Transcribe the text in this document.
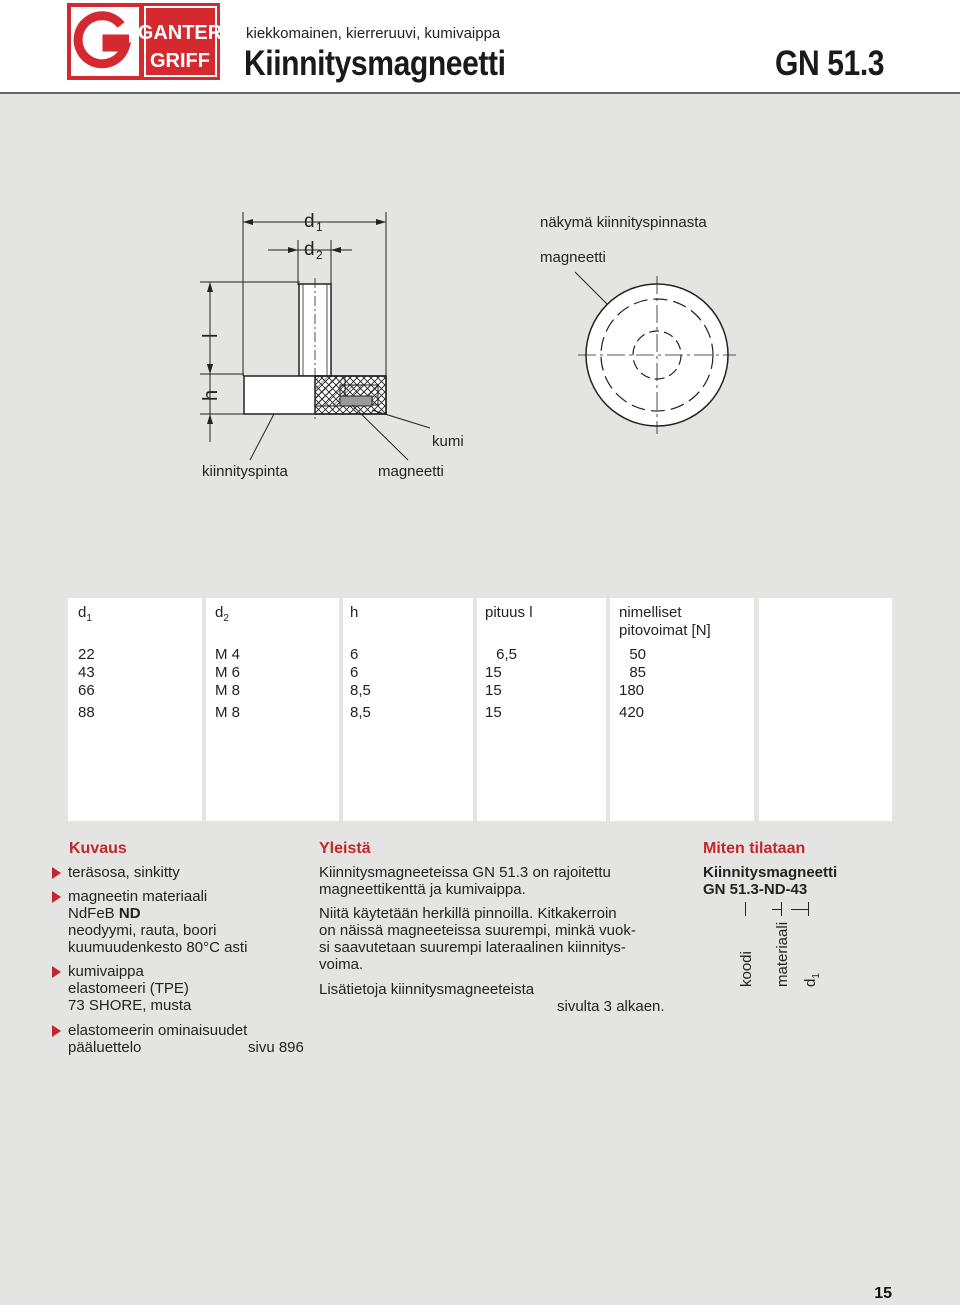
GANTER
GRIFF
kiekkomainen, kierreruuvi, kumivaippa
Kiinnitysmagneetti	GN 51.3
d 1
d 2
l
h
kumi
kiinnityspinta	magneetti
näkymä kiinnityspinnasta
magneetti
$d_1$	$d_2$	h	pituus l	nimelliset
pitovoimat [N]
22	M 4	6	6,5	50
43	M 6	6	15	85
66	M 8	8,5	15	180
88	M 8	8,5	15	420
Kuvaus
teräsosa, sinkitty
magneetin materiaali
NdFeB ND
neodyymi, rauta, boori
kuumuudenkesto 80°C asti
kumivaippa
elastomeeri (TPE)
73 SHORE, musta
elastomeerin ominaisuudet
pääluettelo	sivu 896
Yleistä
Kiinnitysmagneeteissa GN 51.3 on rajoitettu
magneettikenttä ja kumivaippa.
Niitä käytetään herkillä pinnoilla. Kitkakerroin
on näissä magneeteissa suurempi, minkä vuok-
si saavutetaan suurempi lateraalinen kiinnitys-
voima.
Lisätietoja kiinnitysmagneeteista
sivulta 3 alkaen.
Miten tilataan
Kiinnitysmagneetti
GN 51.3-ND-43
koodi materiaali $d_1$
15
